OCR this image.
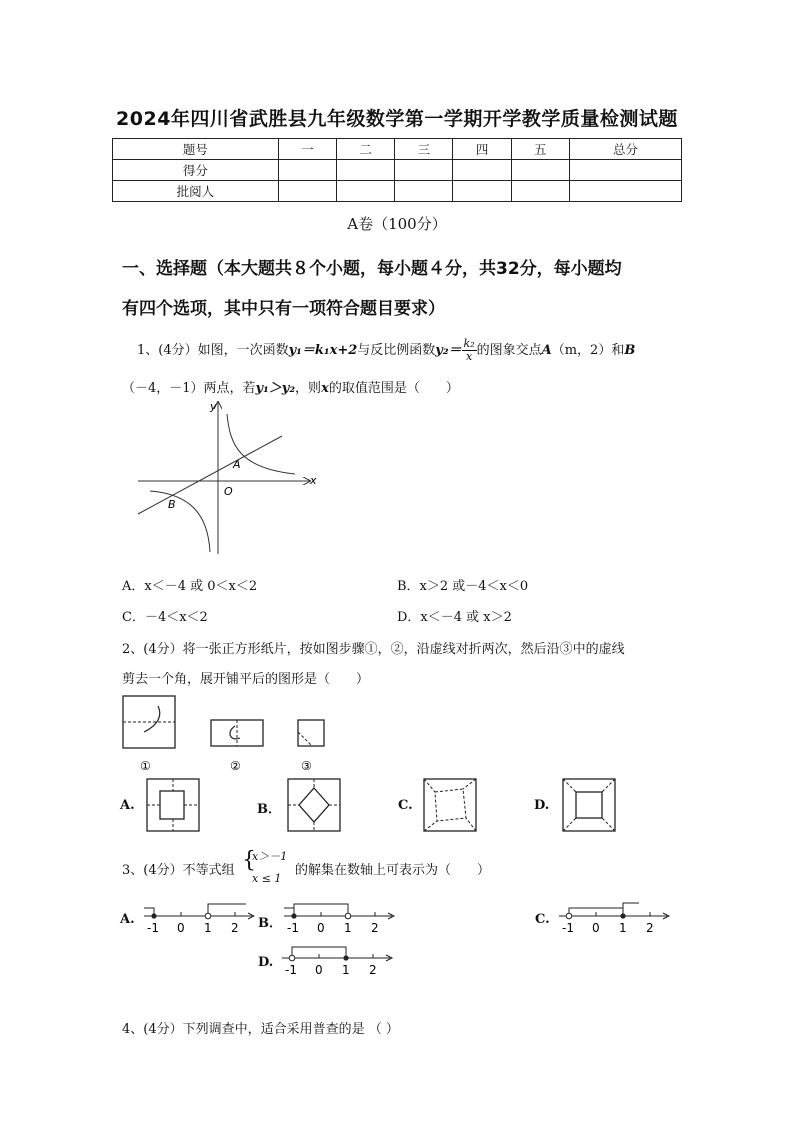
2024年四川省武胜县九年级数学第一学期开学教学质量检测试题
题号	一	二	三	四	五	总分
得分						
批阅人						
A卷（100分）
一、选择题（本大题共８个小题，每小题４分，共32分，每小题均
有四个选项，其中只有一项符合题目要求）
1、(4分）如图，一次函数y₁＝k₁x+2与反比例函数$y_2= \frac{\text{k₂}}{x}$ 的图象交点A（m，2）和B
（－4，－1）两点，若y₁＞y₂，则x的取值范围是（　　）
y
x
O
A
B
A．x＜－4 或 0＜x＜2	B．x＞2 或－4＜x＜0
C．－4＜x＜2	D．x＜－4 或 x＞2
2、(4分）将一张正方形纸片，按如图步骤①，②，沿虚线对折两次，然后沿③中的虚线
剪去一个角，展开铺平后的图形是（　　）
①	②	③
A.	B．	C.	D.
3、(4分）不等式组 {
x＞－1
x ≤ 1
的解集在数轴上可表示为（　　）
A.
-1 0 1 2 B． -1 0 1 2
C.
-1 0 1 2
D. -1 0 1 2
4、(4分）下列调查中，适合采用普查的是 （ ）
